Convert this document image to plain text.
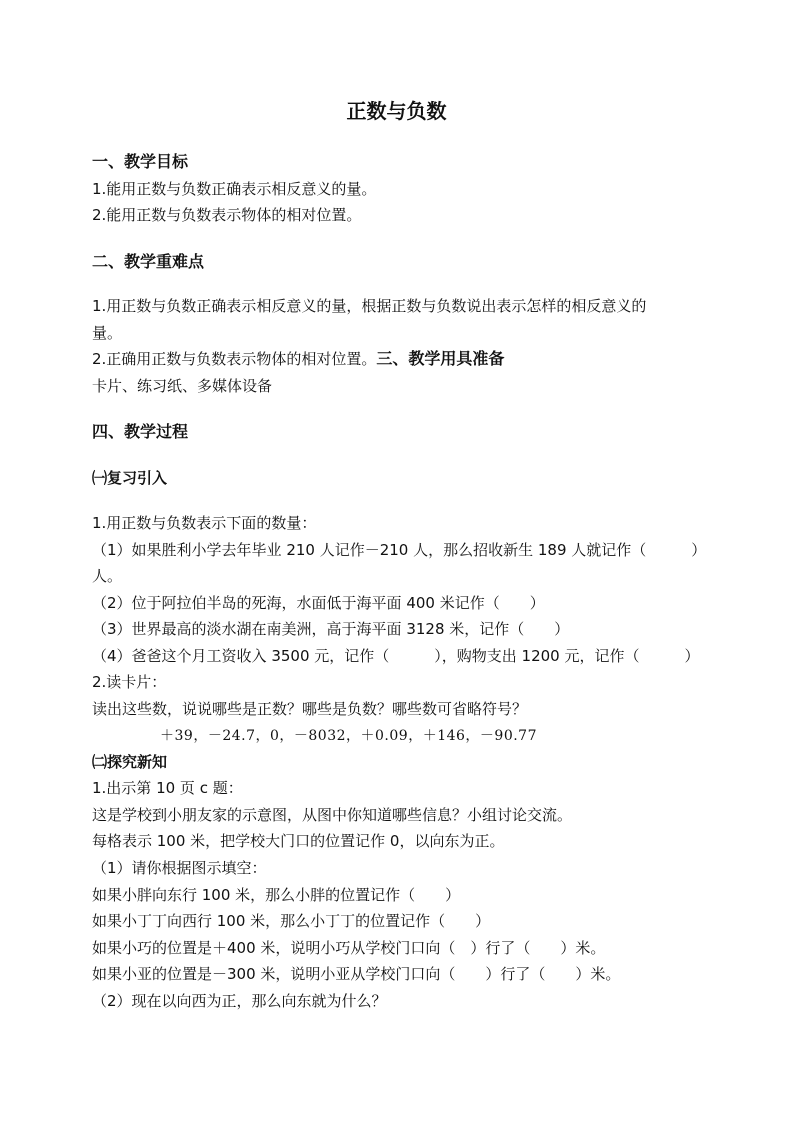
正数与负数
一、教学目标
1.能用正数与负数正确表示相反意义的量。
2.能用正数与负数表示物体的相对位置。
二、教学重难点
1.用正数与负数正确表示相反意义的量，根据正数与负数说出表示怎样的相反意义的
量。
2.正确用正数与负数表示物体的相对位置。三、教学用具准备
卡片、练习纸、多媒体设备
四、教学过程
㈠复习引入
1.用正数与负数表示下面的数量：
（1）如果胜利小学去年毕业 210 人记作－210 人，那么招收新生 189 人就记作（　　　）
人。
（2）位于阿拉伯半岛的死海，水面低于海平面 400 米记作（　　）
（3）世界最高的淡水湖在南美洲，高于海平面 3128 米，记作（　　）
（4）爸爸这个月工资收入 3500 元，记作（　　　），购物支出 1200 元，记作（　　　）
2.读卡片：
读出这些数，说说哪些是正数？哪些是负数？哪些数可省略符号？
＋39，－24.7，0，－8032，＋0.09，＋146，－90.77
㈡探究新知
1.出示第 10 页 c 题：
这是学校到小朋友家的示意图，从图中你知道哪些信息？小组讨论交流。
每格表示 100 米，把学校大门口的位置记作 0，以向东为正。
（1）请你根据图示填空：
如果小胖向东行 100 米，那么小胖的位置记作（　　）
如果小丁丁向西行 100 米，那么小丁丁的位置记作（　　）
如果小巧的位置是＋400 米，说明小巧从学校门口向（　）行了（　　）米。
如果小亚的位置是－300 米，说明小亚从学校门口向（　　）行了（　　）米。
（2）现在以向西为正，那么向东就为什么？
